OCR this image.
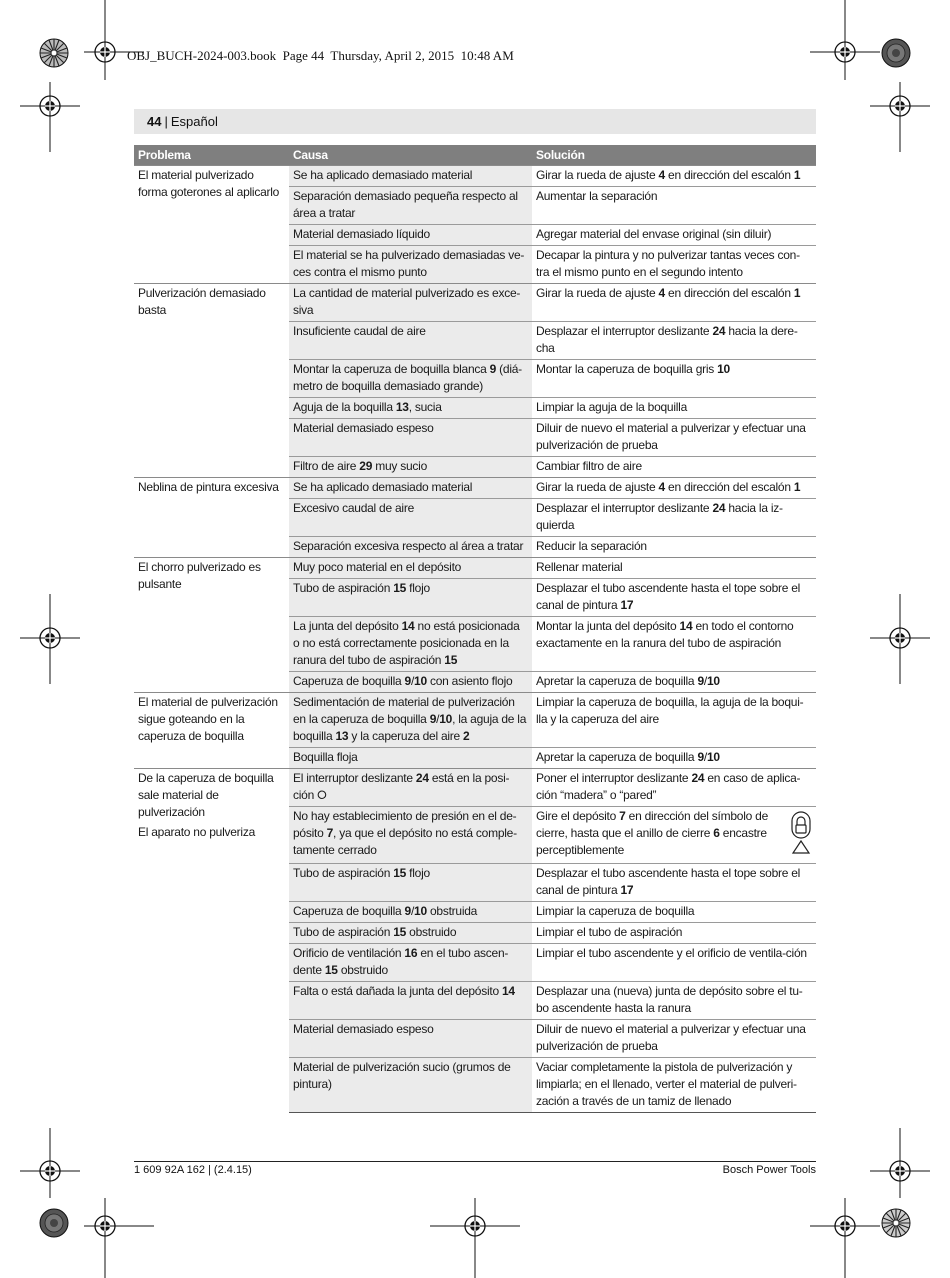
OBJ_BUCH-2024-003.book  Page 44  Thursday, April 2, 2015  10:48 AM
44 | Español
Problema	Causa	Solución

El material pulverizado forma goterones al aplicarlo	Se ha aplicado demasiado material	Girar la rueda de ajuste 4 en dirección del escalón 1
	Separación demasiado pequeña respecto al área a tratar	Aumentar la separación
	Material demasiado líquido	Agregar material del envase original (sin diluir)
	El material se ha pulverizado demasiadas ve-ces contra el mismo punto	Decapar la pintura y no pulverizar tantas veces con-tra el mismo punto en el segundo intento

Pulverización demasiado basta	La cantidad de material pulverizado es exce-siva	Girar la rueda de ajuste 4 en dirección del escalón 1
	Insuficiente caudal de aire	Desplazar el interruptor deslizante 24 hacia la dere-cha
	Montar la caperuza de boquilla blanca 9 (diá-metro de boquilla demasiado grande)	Montar la caperuza de boquilla gris 10
	Aguja de la boquilla 13, sucia	Limpiar la aguja de la boquilla
	Material demasiado espeso	Diluir de nuevo el material a pulverizar y efectuar una pulverización de prueba
	Filtro de aire 29 muy sucio	Cambiar filtro de aire

Neblina de pintura excesiva	Se ha aplicado demasiado material	Girar la rueda de ajuste 4 en dirección del escalón 1
	Excesivo caudal de aire	Desplazar el interruptor deslizante 24 hacia la iz-quierda
	Separación excesiva respecto al área a tratar	Reducir la separación

El chorro pulverizado es pulsante	Muy poco material en el depósito	Rellenar material
	Tubo de aspiración 15 flojo	Desplazar el tubo ascendente hasta el tope sobre el canal de pintura 17
	La junta del depósito 14 no está posicionada o no está correctamente posicionada en la ranura del tubo de aspiración 15	Montar la junta del depósito 14 en todo el contorno exactamente en la ranura del tubo de aspiración
	Caperuza de boquilla 9/10 con asiento flojo	Apretar la caperuza de boquilla 9/10

El material de pulverización sigue goteando en la caperuza de boquilla	Sedimentación de material de pulverización en la caperuza de boquilla 9/10, la aguja de la boquilla 13 y la caperuza del aire 2	Limpiar la caperuza de boquilla, la aguja de la boqui-lla y la caperuza del aire
	Boquilla floja	Apretar la caperuza de boquilla 9/10

De la caperuza de boquilla sale material de pulverización

El aparato no pulveriza	El interruptor deslizante 24 está en la posi-ción ⭘	Poner el interruptor deslizante 24 en caso de aplica-ción “madera” o “pared”
	No hay establecimiento de presión en el de-pósito 7, ya que el depósito no está comple-tamente cerrado	Gire el depósito 7 en dirección del símbolo de cierre, hasta que el anillo de cierre 6 encastre perceptiblemente

	Tubo de aspiración 15 flojo	Desplazar el tubo ascendente hasta el tope sobre el canal de pintura 17
	Caperuza de boquilla 9/10 obstruida	Limpiar la caperuza de boquilla
	Tubo de aspiración 15 obstruido	Limpiar el tubo de aspiración
	Orificio de ventilación 16 en el tubo ascen-dente 15 obstruido	Limpiar el tubo ascendente y el orificio de ventila-ción
	Falta o está dañada la junta del depósito 14	Desplazar una (nueva) junta de depósito sobre el tu-bo ascendente hasta la ranura
	Material demasiado espeso	Diluir de nuevo el material a pulverizar y efectuar una pulverización de prueba
	Material de pulverización sucio (grumos de pintura)	Vaciar completamente la pistola de pulverización y limpiarla; en el llenado, verter el material de pulveri-zación a través de un tamiz de llenado
1 609 92A 162 | (2.4.15)	Bosch Power Tools
